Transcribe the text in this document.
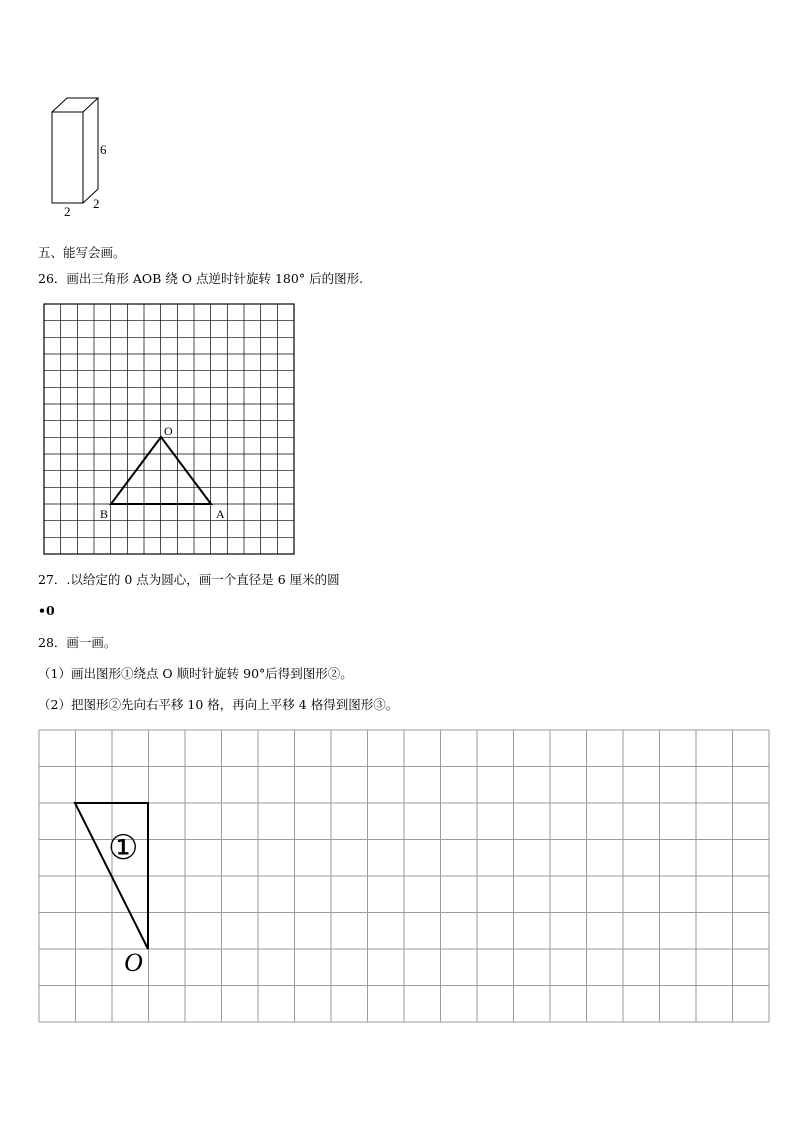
6
2
2
五、能写会画。
26．画出三角形 AOB 绕 O 点逆时针旋转 180° 后的图形.
O
A
B
27．.以给定的 0 点为圆心，画一个直径是 6 厘米的圆
•0
28．画一画。
（1）画出图形①绕点 O 顺时针旋转 90°后得到图形②。
（2）把图形②先向右平移 10 格，再向上平移 4 格得到图形③。
①
O
